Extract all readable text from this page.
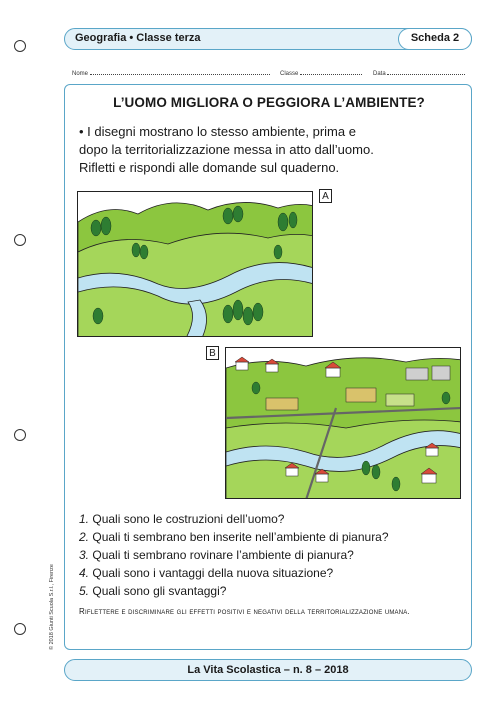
Geografia • Classe terza	Scheda 2
Nome	Classe	Data
L’UOMO MIGLIORA O PEGGIORA L’AMBIENTE?

• I disegni mostrano lo stesso ambiente, prima e

dopo la territorializzazione messa in atto dall’uomo.

Rifletti e rispondi alle domande sul quaderno.

A
B
1. Quali sono le costruzioni dell’uomo?
2. Quali ti sembrano ben inserite nell’ambiente di pianura?
3. Quali ti sembrano rovinare l’ambiente di pianura?
4. Quali sono i vantaggi della nuova situazione?
5. Quali sono gli svantaggi?
Riflettere e discriminare gli effetti positivi e negativi della territorializzazione umana.
© 2018 Giunti Scuola S.r.l., Firenze
La Vita Scolastica – n. 8 – 2018
